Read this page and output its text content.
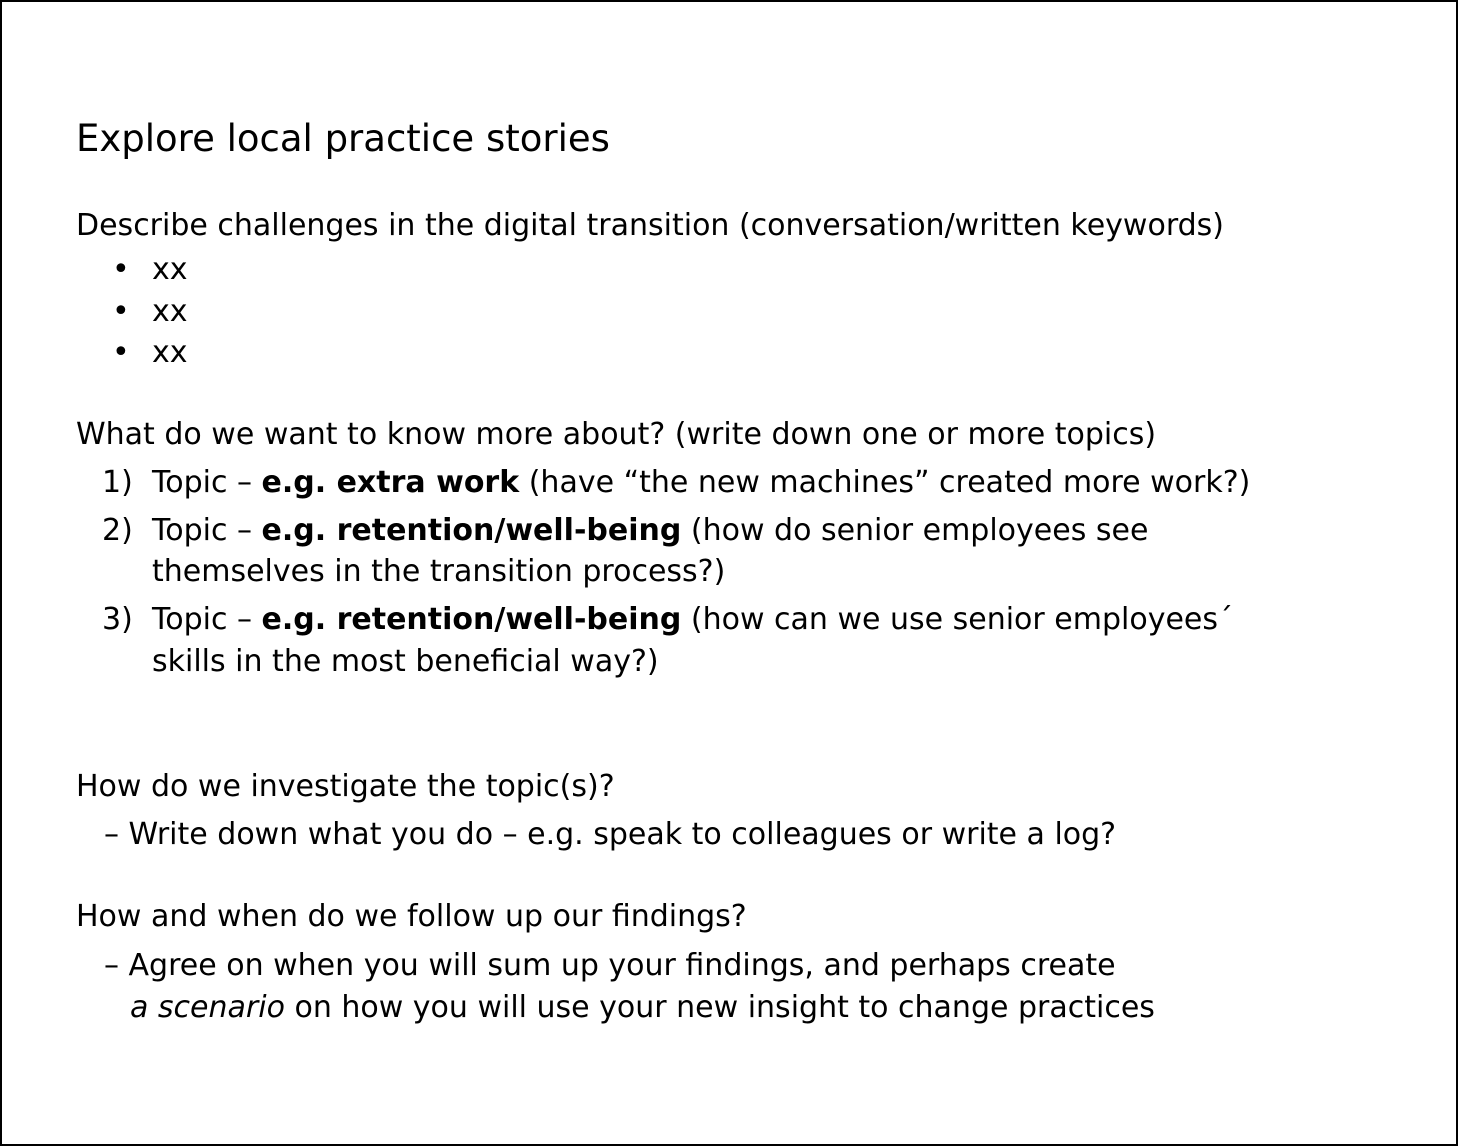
Explore local practice stories

Describe challenges in the digital transition (conversation/written keywords)

• xx
• xx
• xx

What do we want to know more about? (write down one or more topics)

1) Topic – e.g. extra work (have “the new machines” created more work?)

2) Topic – e.g. retention/well-being (how do senior employees see

themselves in the transition process?)

3) Topic – e.g. retention/well-being (how can we use senior employees´

skills in the most beneficial way?)

How do we investigate the topic(s)?

– Write down what you do – e.g. speak to colleagues or write a log?

How and when do we follow up our findings?

– Agree on when you will sum up your findings, and perhaps create

a scenario on how you will use your new insight to change practices
